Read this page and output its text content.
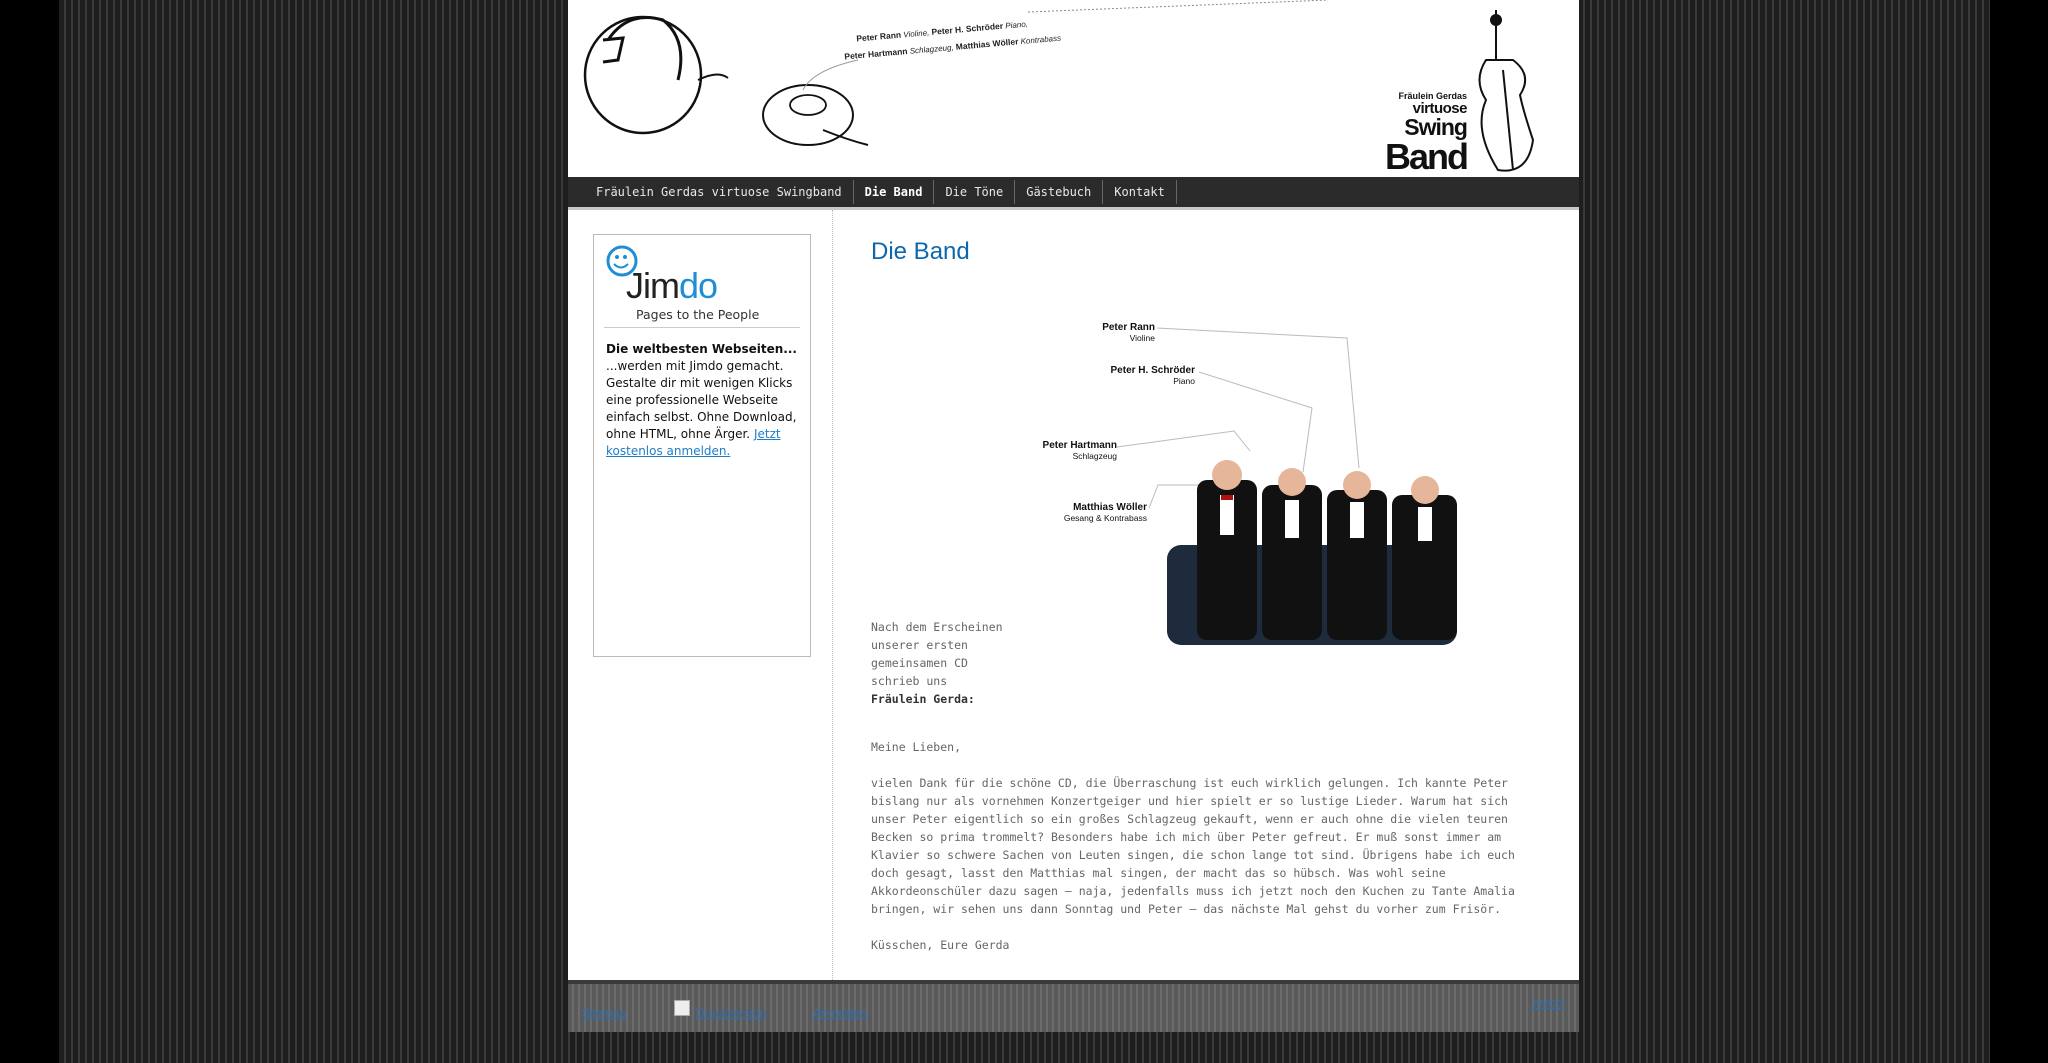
Peter Rann Violine, Peter H. Schröder Piano,
Peter Hartmann Schlagzeug, Matthias Wöller Kontrabass
Fräulein Gerdas
virtuose
Swing
Band
Fräulein Gerdas virtuose Swingband	Die Band	Die Töne	Gästebuch	Kontakt
Jimdo
Pages to the People
Die weltbesten Webseiten...
...werden mit Jimdo gemacht. Gestalte dir mit wenigen Klicks eine professionelle Webseite einfach selbst. Ohne Download, ohne HTML, ohne Ärger. Jetzt kostenlos anmelden.
Die Band
Peter Rann
Violine
Peter H. Schröder
Piano
Peter Hartmann
Schlagzeug
Matthias Wöller
Gesang & Kontrabass
Nach dem Erscheinen
unserer ersten
gemeinsamen CD
schrieb uns
Fräulein Gerda:
Meine Lieben,
vielen Dank für die schöne CD, die Überraschung ist euch wirklich gelungen. Ich kannte Peter
bislang nur als vornehmen Konzertgeiger und hier spielt er so lustige Lieder. Warum hat sich
unser Peter eigentlich so ein großes Schlagzeug gekauft, wenn er auch ohne die vielen teuren
Becken so prima trommelt? Besonders habe ich mich über Peter gefreut. Er muß sonst immer am
Klavier so schwere Sachen von Leuten singen, die schon lange tot sind. Übrigens habe ich euch
doch gesagt, lasst den Matthias mal singen, der macht das so hübsch. Was wohl seine
Akkordeonschüler dazu sagen – naja, jedenfalls muss ich jetzt noch den Kuchen zu Tante Amalia
bringen, wir sehen uns dann Sonntag und Peter – das nächste Mal gehst du vorher zum Frisör.
Küsschen, Eure Gerda
Sitemap	Druckversion	Anmelden
JIMDO
